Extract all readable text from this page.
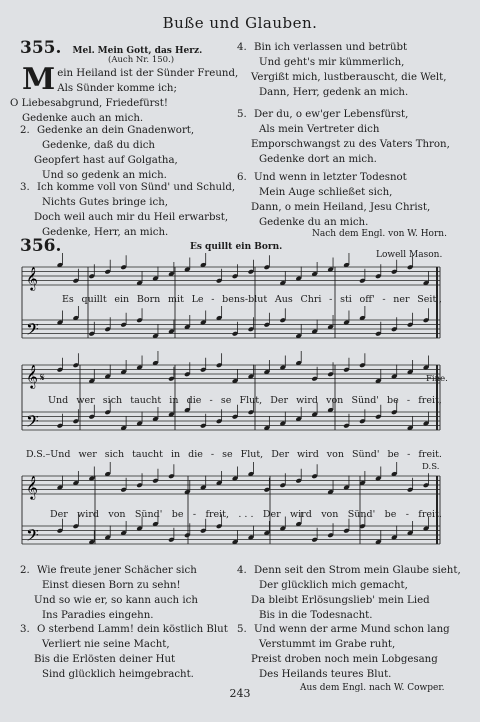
Buße und Glauben.
355. Mel. Mein Gott, das Herz.
(Auch Nr. 150.)
M ein Heiland ist der Sünder Freund,
Als Sünder komme ich;
O Liebesabgrund, Friedefürst!
Gedenke auch an mich.
2. Gedenke an dein Gnadenwort,
Gedenke, daß du dich
Geopfert hast auf Golgatha,
Und so gedenk an mich.
3. Ich komme voll von Sünd' und Schuld,
Nichts Gutes bringe ich,
Doch weil auch mir du Heil erwarbst,
Gedenke, Herr, an mich.
4. Bin ich verlassen und betrübt
Und geht's mir kümmerlich,
Vergißt mich, lustberauscht, die Welt,
Dann, Herr, gedenk an mich.
5. Der du, o ew'ger Lebensfürst,
Als mein Vertreter dich
Emporschwangst zu des Vaters Thron,
Gedenke dort an mich.
6. Und wenn in letzter Todesnot
Mein Auge schließet sich,
Dann, o mein Heiland, Jesu Christ,
Gedenke du an mich.
Nach dem Engl. von W. Horn.
356.	Es quillt ein Born.
Lowell Mason.
𝄞
𝄢
𝄞
𝄢
𝄞
𝄢
Es quillt ein Born mit Le - bens-blut Aus Chri - sti off' - ner Seit',
𝄋	Fine.
Und wer sich taucht in die - se Flut, Der wird von Sünd' be - freit,
D.S.–Und wer sich taucht in die - se Flut, Der wird von Sünd' be - freit.
D.S.
Der wird von Sünd' be - freit, . . . Der wird von Sünd' be - freit.
2. Wie freute jener Schächer sich
Einst diesen Born zu sehn!
Und so wie er, so kann auch ich
Ins Paradies eingehn.
3. O sterbend Lamm! dein köstlich Blut
Verliert nie seine Macht,
Bis die Erlösten deiner Hut
Sind glücklich heimgebracht.
4. Denn seit den Strom mein Glaube sieht,
Der glücklich mich gemacht,
Da bleibt Erlösungslieb' mein Lied
Bis in die Todesnacht.
5. Und wenn der arme Mund schon lang
Verstummt im Grabe ruht,
Preist droben noch mein Lobgesang
Des Heilands teures Blut.
Aus dem Engl. nach W. Cowper.
243
